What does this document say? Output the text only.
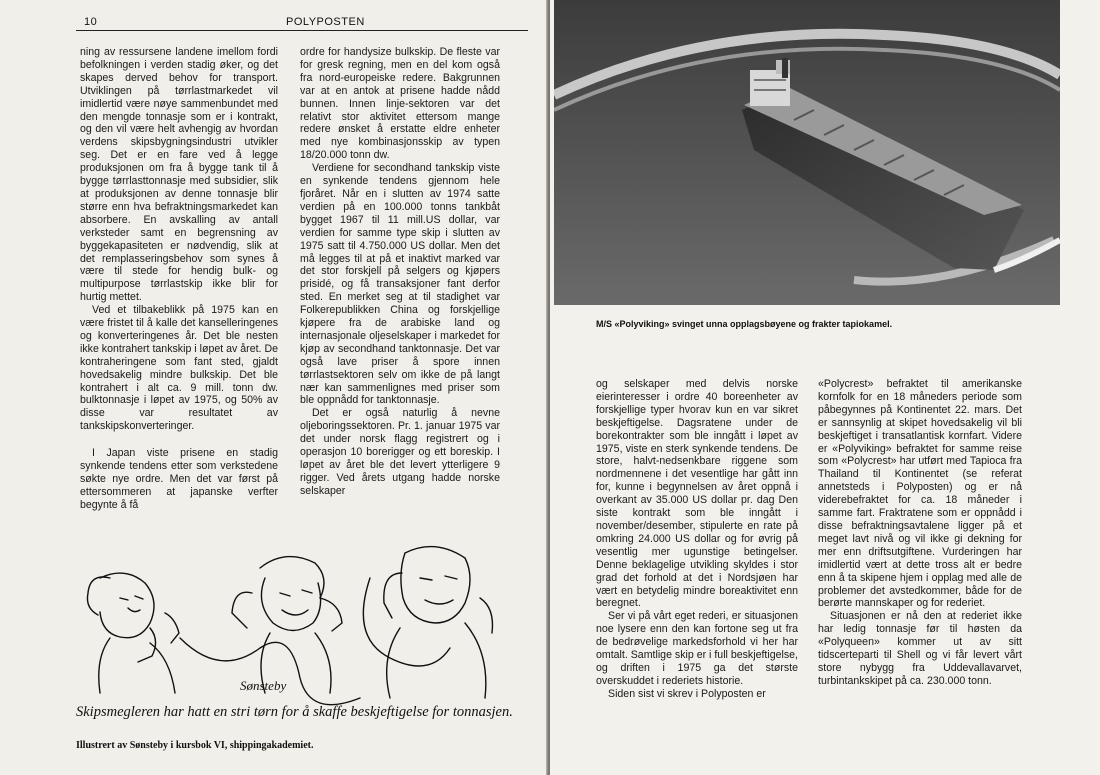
10	POLYPOSTEN

ning av ressursene landene imellom fordi befolkningen i verden stadig øker, og det skapes derved behov for transport. Utviklingen på tørrlastmarkedet vil imidlertid være nøye sammenbundet med den mengde tonnasje som er i kontrakt, og den vil være helt avhengig av hvordan verdens skipsbygningsindustri utvikler seg. Det er en fare ved å legge produksjonen om fra å bygge tank til å bygge tørrlasttonnasje med subsidier, slik at produksjonen av denne tonnasje blir større enn hva befraktningsmarkedet kan absorbere. En avskalling av antall verksteder samt en begrensning av byggekapasiteten er nødvendig, slik at det remplasseringsbehov som synes å være til stede for hendig bulk- og multipurpose tørrlastskip ikke blir for hurtig mettet.

Ved et tilbakeblikk på 1975 kan en være fristet til å kalle det kanselleringenes og konverteringenes år. Det ble nesten ikke kontrahert tankskip i løpet av året. De kontraheringene som fant sted, gjaldt hovedsakelig mindre bulkskip. Det ble kontrahert i alt ca. 9 mill. tonn dw. bulktonnasje i løpet av 1975, og 50% av disse var resultatet av tankskipskonverteringer.

I Japan viste prisene en stadig synkende tendens etter som verkstedene søkte nye ordre. Men det var først på ettersommeren at japanske verfter begynte å få

ordre for handysize bulkskip. De fleste var for gresk regning, men en del kom også fra nord-europeiske redere. Bakgrunnen var at en antok at prisene hadde nådd bunnen. Innen linje-sektoren var det relativt stor aktivitet ettersom mange redere ønsket å erstatte eldre enheter med nye kombinasjonsskip av typen 18/20.000 tonn dw.

Verdiene for secondhand tankskip viste en synkende tendens gjennom hele fjoråret. Når en i slutten av 1974 satte verdien på en 100.000 tonns tankbåt bygget 1967 til 11 mill.US dollar, var verdien for samme type skip i slutten av 1975 satt til 4.750.000 US dollar. Men det må legges til at på et inaktivt marked var det stor forskjell på selgers og kjøpers prisidé, og få transaksjoner fant derfor sted. En merket seg at til stadighet var Folkerepublikken China og forskjellige kjøpere fra de arabiske land og internasjonale oljeselskaper i markedet for kjøp av secondhand tanktonnasje. Det var også lave priser å spore innen tørrlastsektoren selv om ikke de på langt nær kan sammenlignes med priser som ble oppnådd for tanktonnasje.

Det er også naturlig å nevne oljeboringssektoren. Pr. 1. januar 1975 var det under norsk flagg registrert og i operasjon 10 borerigger og ett boreskip. I løpet av året ble det levert ytterligere 9 rigger. Ved årets utgang hadde norske selskaper

Sønsteby
Skipsmegleren har hatt en stri tørn for å skaffe beskjeftigelse for tonnasjen.
Illustrert av Sønsteby i kursbok VI, shippingakademiet.
M/S «Polyviking» svinget unna opplagsbøyene og frakter tapiokamel.

og selskaper med delvis norske eierinteresser i ordre 40 boreenheter av forskjellige typer hvorav kun en var sikret beskjeftigelse. Dagsratene under de borekontrakter som ble inngått i løpet av 1975, viste en sterk synkende tendens. De store, halvt-nedsenkbare riggene som nordmennene i det vesentlige har gått inn for, kunne i begynnelsen av året oppnå i overkant av 35.000 US dollar pr. dag Den siste kontrakt som ble inngått i november/desember, stipulerte en rate på omkring 24.000 US dollar og for øvrig på vesentlig mer ugunstige betingelser. Denne beklagelige utvikling skyldes i stor grad det forhold at det i Nordsjøen har vært en betydelig mindre boreaktivitet enn beregnet.

Ser vi på vårt eget rederi, er situasjonen noe lysere enn den kan fortone seg ut fra de bedrøvelige markedsforhold vi her har omtalt. Samtlige skip er i full beskjeftigelse, og driften i 1975 ga det største overskuddet i rederiets historie.

Siden sist vi skrev i Polyposten er

«Polycrest» befraktet til amerikanske kornfolk for en 18 måneders periode som påbegynnes på Kontinentet 22. mars. Det er sannsynlig at skipet hovedsakelig vil bli beskjeftiget i transatlantisk kornfart. Videre er «Polyviking» befraktet for samme reise som «Polycrest» har utført med Tapioca fra Thailand til Kontinentet (se referat annetsteds i Polyposten) og er nå viderebefraktet for ca. 18 måneder i samme fart. Fraktratene som er oppnådd i disse befraktningsavtalene ligger på et meget lavt nivå og vil ikke gi dekning for mer enn driftsutgiftene. Vurderingen har imidlertid vært at dette tross alt er bedre enn å ta skipene hjem i opplag med alle de problemer det avstedkommer, både for de berørte mannskaper og for rederiet.

Situasjonen er nå den at rederiet ikke har ledig tonnasje før til høsten da «Polyqueen» kommer ut av sitt tidscerteparti til Shell og vi får levert vårt store nybygg fra Uddevallavarvet, turbintankskipet på ca. 230.000 tonn.
